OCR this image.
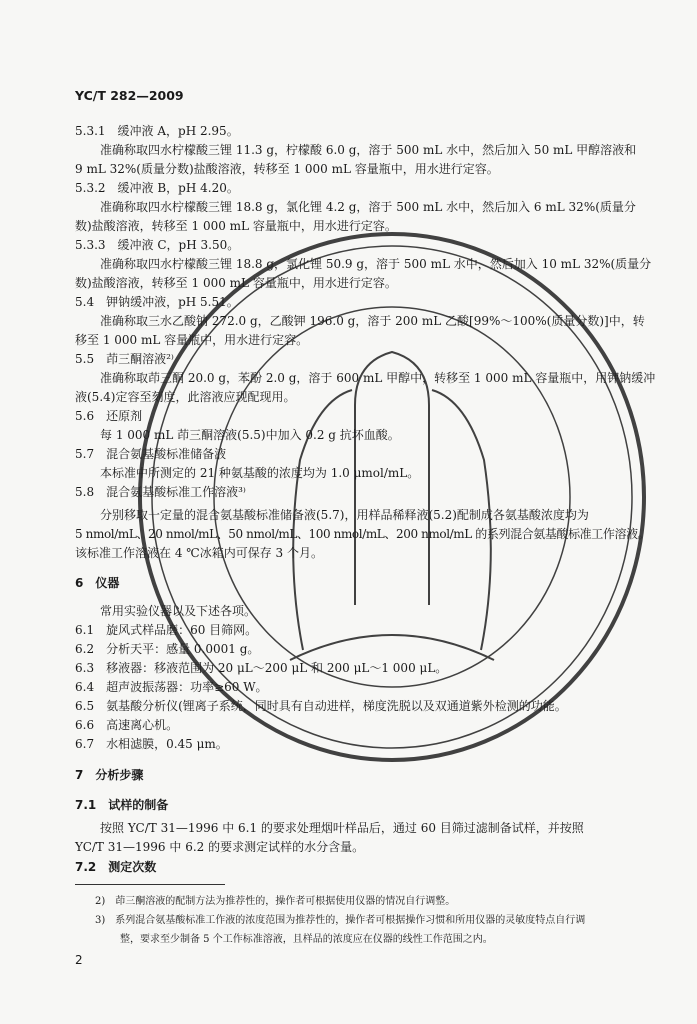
YC/T 282—2009
5.3.1　缓冲液 A，pH 2.95。
准确称取四水柠檬酸三锂 11.3 g，柠檬酸 6.0 g，溶于 500 mL 水中，然后加入 50 mL 甲醇溶液和
9 mL 32%(质量分数)盐酸溶液，转移至 1 000 mL 容量瓶中，用水进行定容。
5.3.2　缓冲液 B，pH 4.20。
准确称取四水柠檬酸三锂 18.8 g，氯化锂 4.2 g，溶于 500 mL 水中，然后加入 6 mL 32%(质量分
数)盐酸溶液，转移至 1 000 mL 容量瓶中，用水进行定容。
5.3.3　缓冲液 C，pH 3.50。
准确称取四水柠檬酸三锂 18.8 g，氯化锂 50.9 g，溶于 500 mL 水中，然后加入 10 mL 32%(质量分
数)盐酸溶液，转移至 1 000 mL 容量瓶中，用水进行定容。
5.4　钾钠缓冲液，pH 5.51。
准确称取三水乙酸钠 272.0 g，乙酸钾 196.0 g，溶于 200 mL 乙酸[99%～100%(质量分数)]中，转
移至 1 000 mL 容量瓶中，用水进行定容。
5.5　茚三酮溶液²⁾
准确称取茚三酮 20.0 g，苯酚 2.0 g，溶于 600 mL 甲醇中，转移至 1 000 mL 容量瓶中，用钾钠缓冲
液(5.4)定容至刻度，此溶液应现配现用。
5.6　还原剂
每 1 000 mL 茚三酮溶液(5.5)中加入 0.2 g 抗坏血酸。
5.7　混合氨基酸标准储备液
本标准中所测定的 21 种氨基酸的浓度均为 1.0 μmol/mL。
5.8　混合氨基酸标准工作溶液³⁾
分别移取一定量的混合氨基酸标准储备液(5.7)，用样品稀释液(5.2)配制成各氨基酸浓度均为
5 nmol/mL、20 nmol/mL、50 nmol/mL、100 nmol/mL、200 nmol/mL 的系列混合氨基酸标准工作溶液。
该标准工作溶液在 4 ℃冰箱内可保存 3 个月。
6　仪器
常用实验仪器以及下述各项。
6.1　旋风式样品磨：60 目筛网。
6.2　分析天平：感量 0.0001 g。
6.3　移液器：移液范围为 20 μL～200 μL 和 200 μL～1 000 μL。
6.4　超声波振荡器：功率≥60 W。
6.5　氨基酸分析仪(锂离子系统，同时具有自动进样，梯度洗脱以及双通道紫外检测的功能。
6.6　高速离心机。
6.7　水相滤膜，0.45 μm。
7　分析步骤
7.1　试样的制备
按照 YC/T 31—1996 中 6.1 的要求处理烟叶样品后，通过 60 目筛过滤制备试样，并按照
YC/T 31—1996 中 6.2 的要求测定试样的水分含量。
7.2　测定次数
2)　茚三酮溶液的配制方法为推荐性的，操作者可根据使用仪器的情况自行调整。
3)　系列混合氨基酸标准工作液的浓度范围为推荐性的，操作者可根据操作习惯和所用仪器的灵敏度特点自行调
整，要求至少制备 5 个工作标准溶液，且样品的浓度应在仪器的线性工作范围之内。
2
